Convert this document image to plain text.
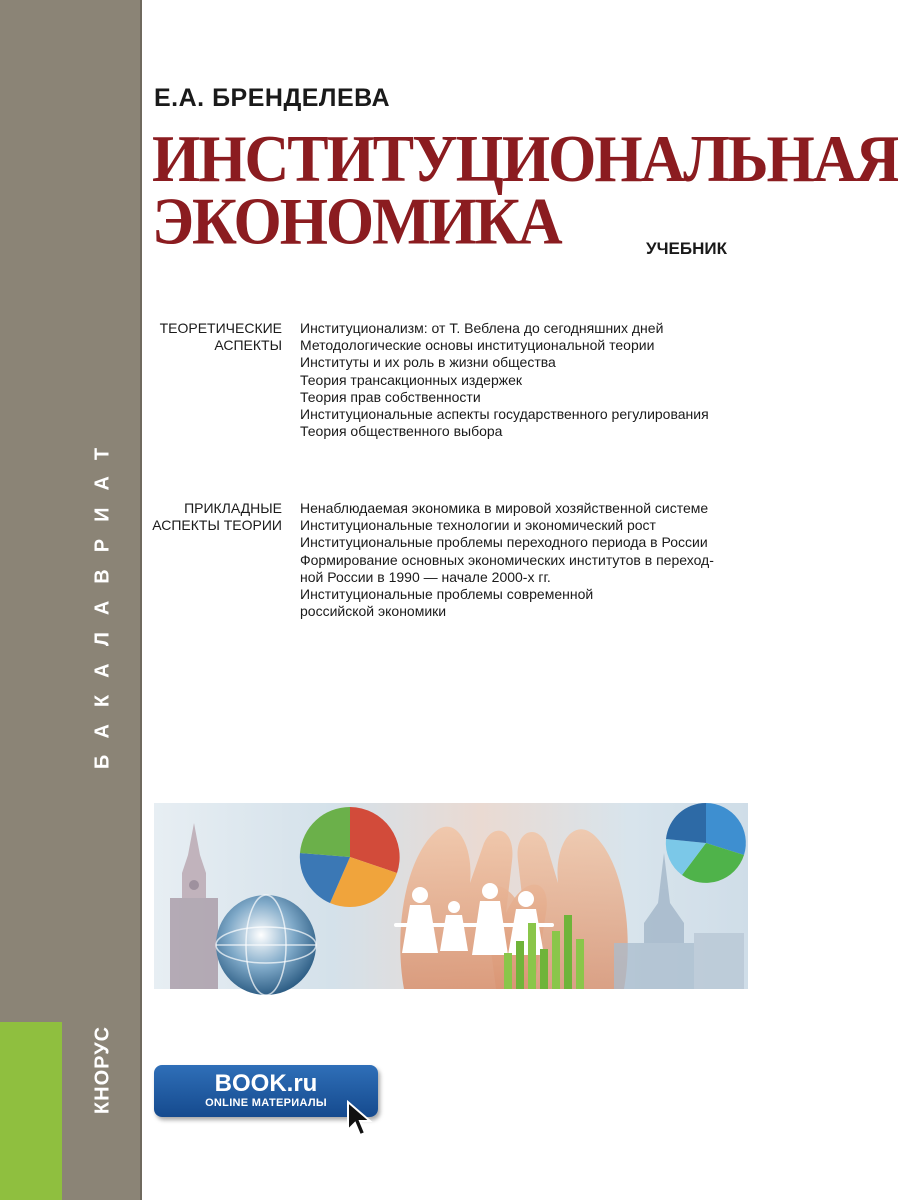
БАКАЛАВРИАТ
КНОРУС
Е.А. БРЕНДЕЛЕВА
ИНСТИТУЦИОНАЛЬНАЯ
ЭКОНОМИКА	УЧЕБНИК
ТЕОРЕТИЧЕСКИЕ
АСПЕКТЫ
Институционализм: от Т. Веблена до сегодняшних дней
Методологические основы институциональной теории
Институты и их роль в жизни общества
Теория трансакционных издержек
Теория прав собственности
Институциональные аспекты государственного регулирования
Теория общественного выбора
ПРИКЛАДНЫЕ
АСПЕКТЫ ТЕОРИИ
Ненаблюдаемая экономика в мировой хозяйственной системе
Институциональные технологии и экономический рост
Институциональные проблемы переходного периода в России
Формирование основных экономических институтов в переход-
ной России в 1990 — начале 2000-х гг.
Институциональные проблемы современной
российской экономики
BOOK.ru
ONLINE МАТЕРИАЛЫ
